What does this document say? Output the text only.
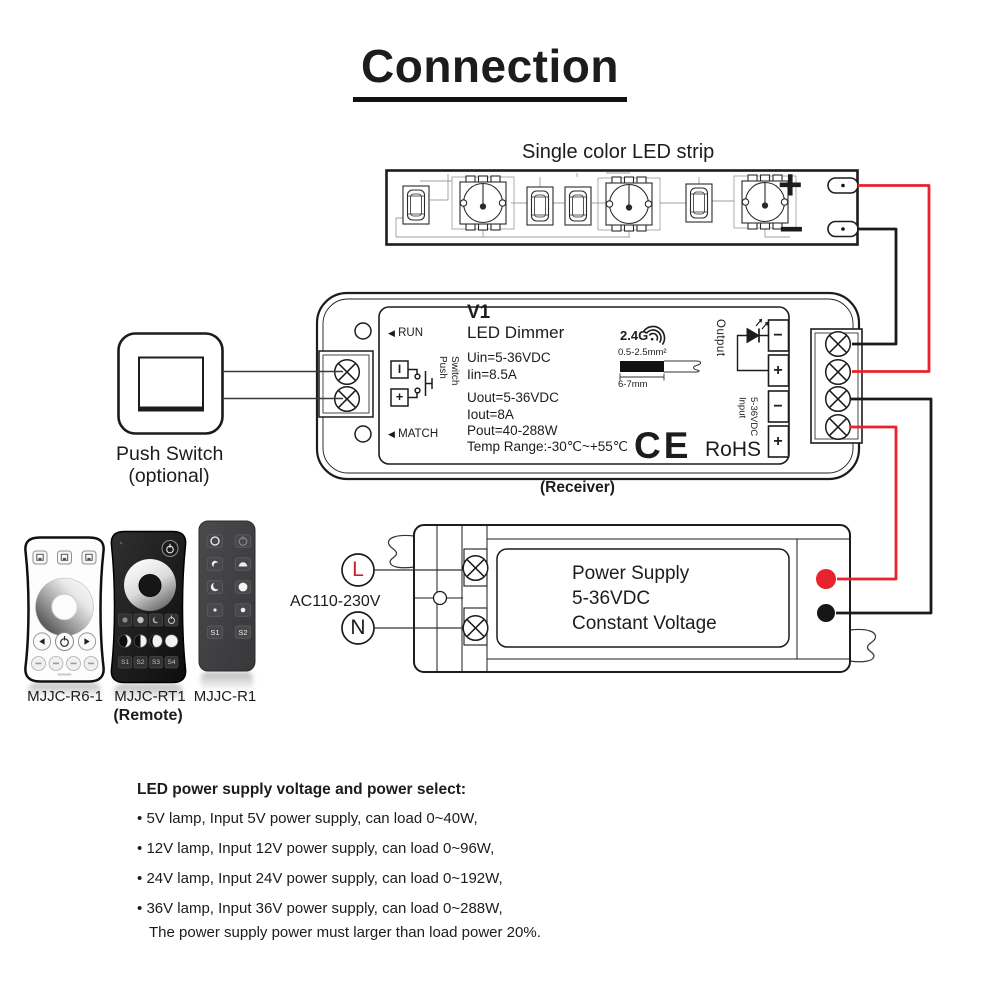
Connection
Single color LED strip
+
−
◀ RUN
◀ MATCH
V1
LED Dimmer
Uin=5-36VDC
Iin=8.5A
Uout=5-36VDC
Iout=8A
Pout=40-288W
Temp Range:-30℃~+55℃
2.4G
0.5-2.5mm²
6-7mm
CE RoHS
Output
5-36VDC
Input
Switch
Push
I
+
−
+
−
+
(Receiver)
Push Switch
(optional)
S1	S2	S3	S4
S1	S2
MJJC-R6-1 MJJC-RT1 MJJC-R1
(Remote)
Power Supply
5-36VDC
Constant Voltage
AC110-230V
L
N
LED power supply voltage and power select:
• 5V lamp, Input 5V power supply, can load 0~40W,
• 12V lamp, Input 12V power supply, can load 0~96W,
• 24V lamp, Input 24V power supply, can load 0~192W,
• 36V lamp, Input 36V power supply, can load 0~288W,
The power supply power must larger than load power 20%.
